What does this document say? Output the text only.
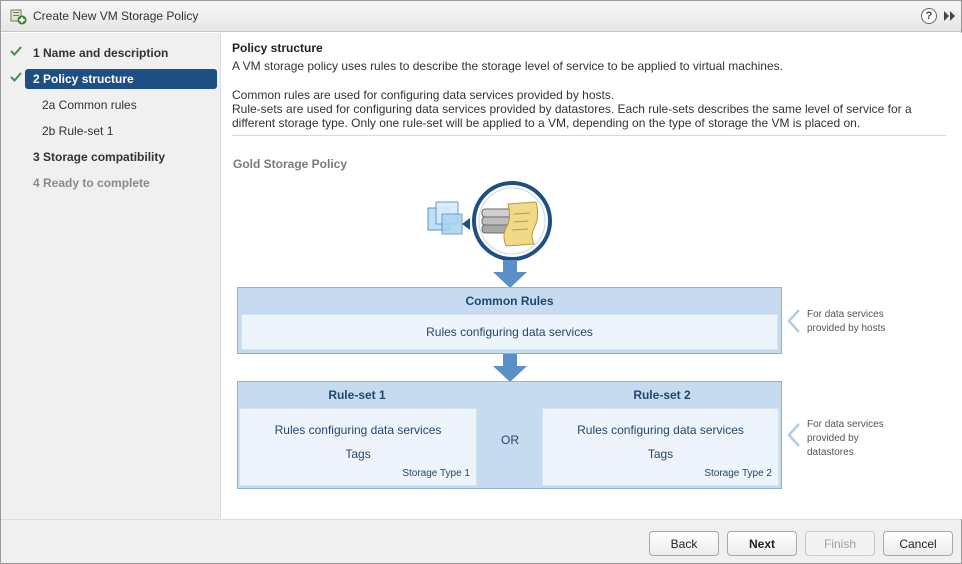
Create New VM Storage Policy	?
1 Name and description
2 Policy structure
2a Common rules
2b Rule-set 1
3 Storage compatibility
4 Ready to complete
Policy structure
A VM storage policy uses rules to describe the storage level of service to be applied to virtual machines.
Common rules are used for configuring data services provided by hosts.
Rule-sets are used for configuring data services provided by datastores. Each rule-sets describes the same level of service for a different storage type. Only one rule-set will be applied to a VM, depending on the type of storage the VM is placed on.
Gold Storage Policy
Common Rules
Rules configuring data services
For data services provided by hosts
Rule-set 1	Rule-set 2
Rules configuring data services
Tags
Storage Type 1
OR
Rules configuring data services
Tags
Storage Type 2
For data services provided by datastores
Back	Next	Finish	Cancel
